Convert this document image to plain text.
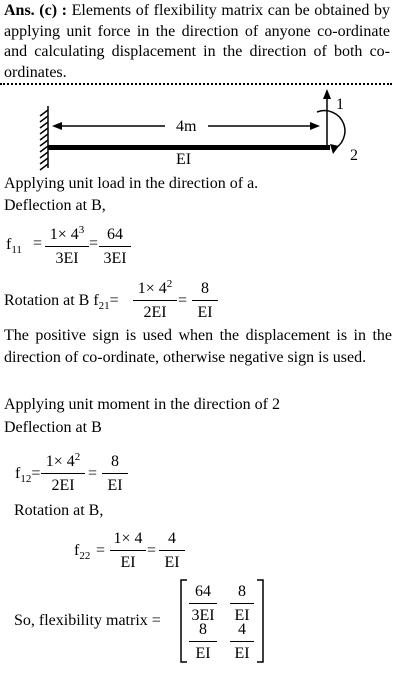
Ans. (c) : Elements of flexibility matrix can be obtained by applying unit force in the direction of anyone co-ordinate and calculating displacement in the direction of both co-ordinates.
4m
EI
1
2
Applying unit load in the direction of a.
Deflection at B,
$f_{11} = \frac{1\times 4^3}{3EI} = \frac{64}{3EI}$
Rotation at B $f_{21}= \frac{1\times 4^2}{2EI} = \frac{8}{EI}$
The positive sign is used when the displacement is in the direction of co-ordinate, otherwise negative sign is used.
Applying unit moment in the direction of 2
Deflection at B
$f_{12}= \frac{1\times 4^2}{2EI} = \frac{8}{EI}$
Rotation at B,
$f_{22} = \frac{1\times 4}{EI} = \frac{4}{EI}$
So, flexibility matrix = $\frac{64}{3EI} \frac{8}{EI}$
$\frac{8}{EI} \frac{4}{EI}$
